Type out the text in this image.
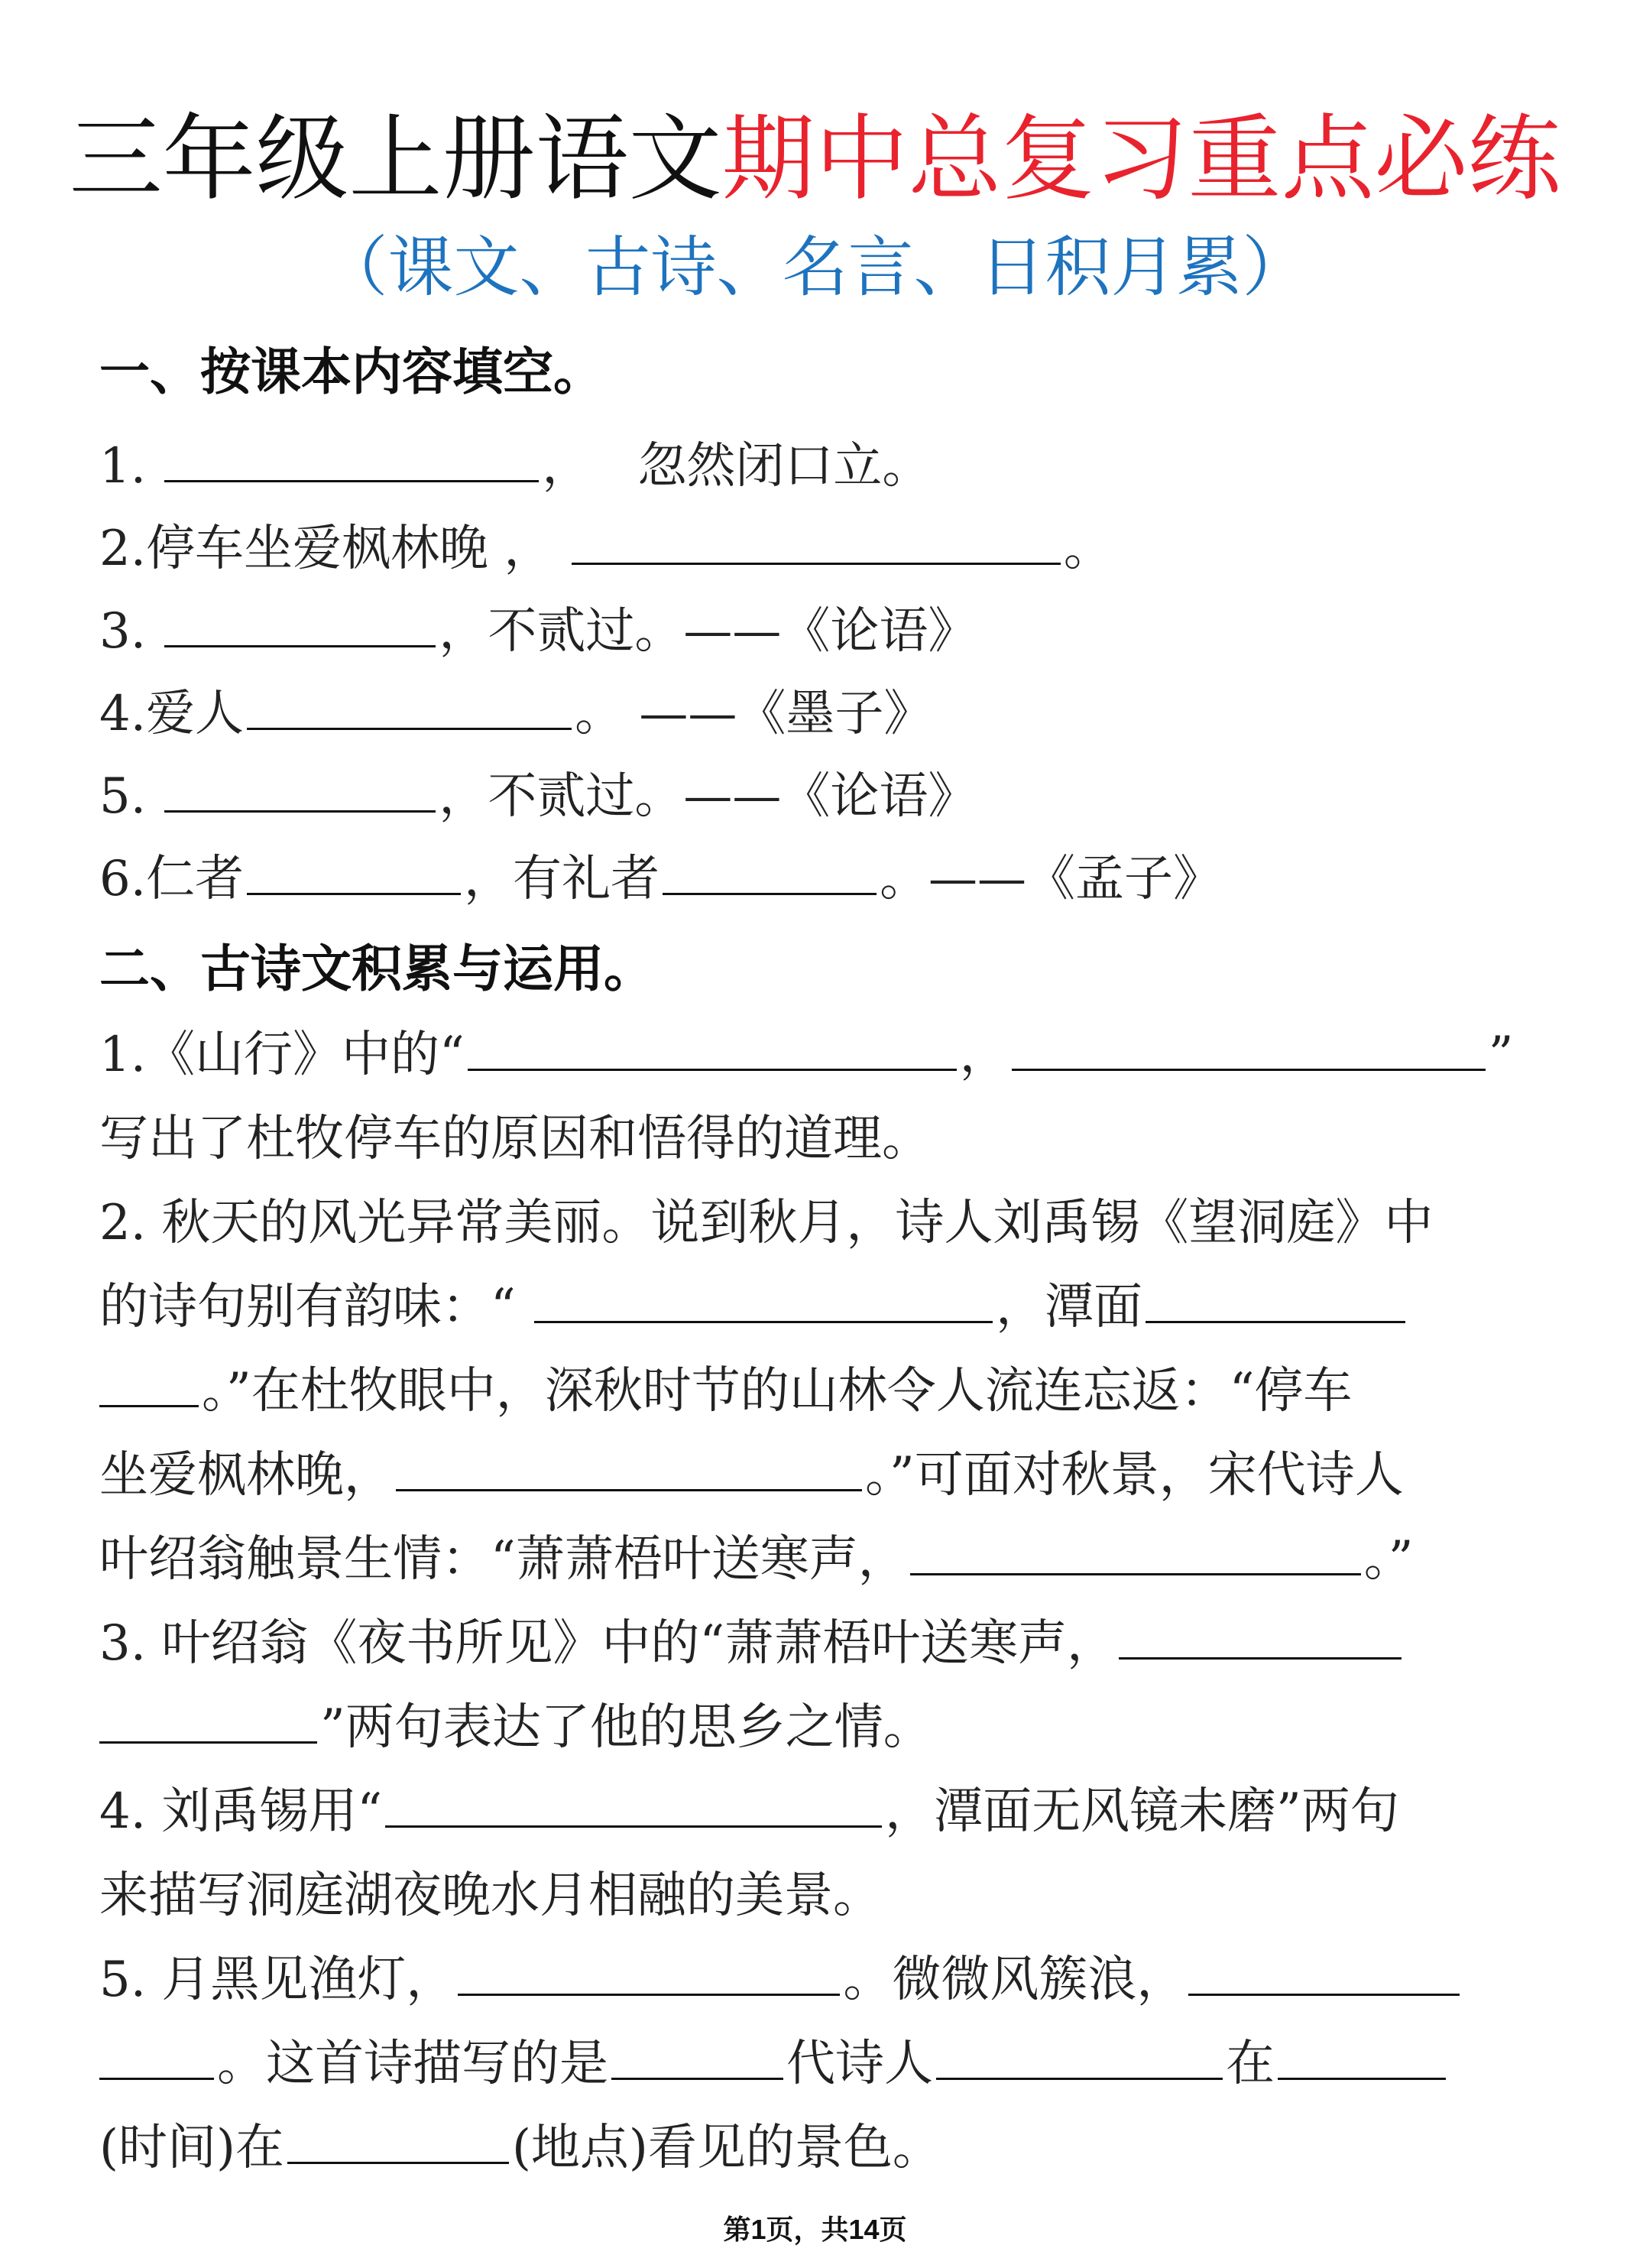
三年级上册语文期中总复习重点必练
（课文、古诗、名言、日积月累）
一、按课本内容填空。
1.	， 忽然闭口立。
2.停车坐爱枫林晚 ，	。
3.	，不贰过。——《论语》
4.爱人	。 ——《墨子》
5.	，不贰过。——《论语》
6.仁者	，有礼者	。——《孟子》
二、古诗文积累与运用。
1.《山行》中的“	，	”
写出了杜牧停车的原因和悟得的道理。
2. 秋天的风光异常美丽。说到秋月，诗人刘禹锡《望洞庭》中
的诗句别有韵味：“	，潭面
。”在杜牧眼中，深秋时节的山林令人流连忘返：“停车
坐爱枫林晚，	。”可面对秋景，宋代诗人
叶绍翁触景生情：“萧萧梧叶送寒声，	。”
3. 叶绍翁《夜书所见》中的“萧萧梧叶送寒声，
”两句表达了他的思乡之情。
4. 刘禹锡用“	，潭面无风镜未磨”两句
来描写洞庭湖夜晚水月相融的美景。
5. 月黑见渔灯，	。微微风簇浪，
。这首诗描写的是	代诗人	在
(时间)在	(地点)看见的景色。
第1页，共14页
